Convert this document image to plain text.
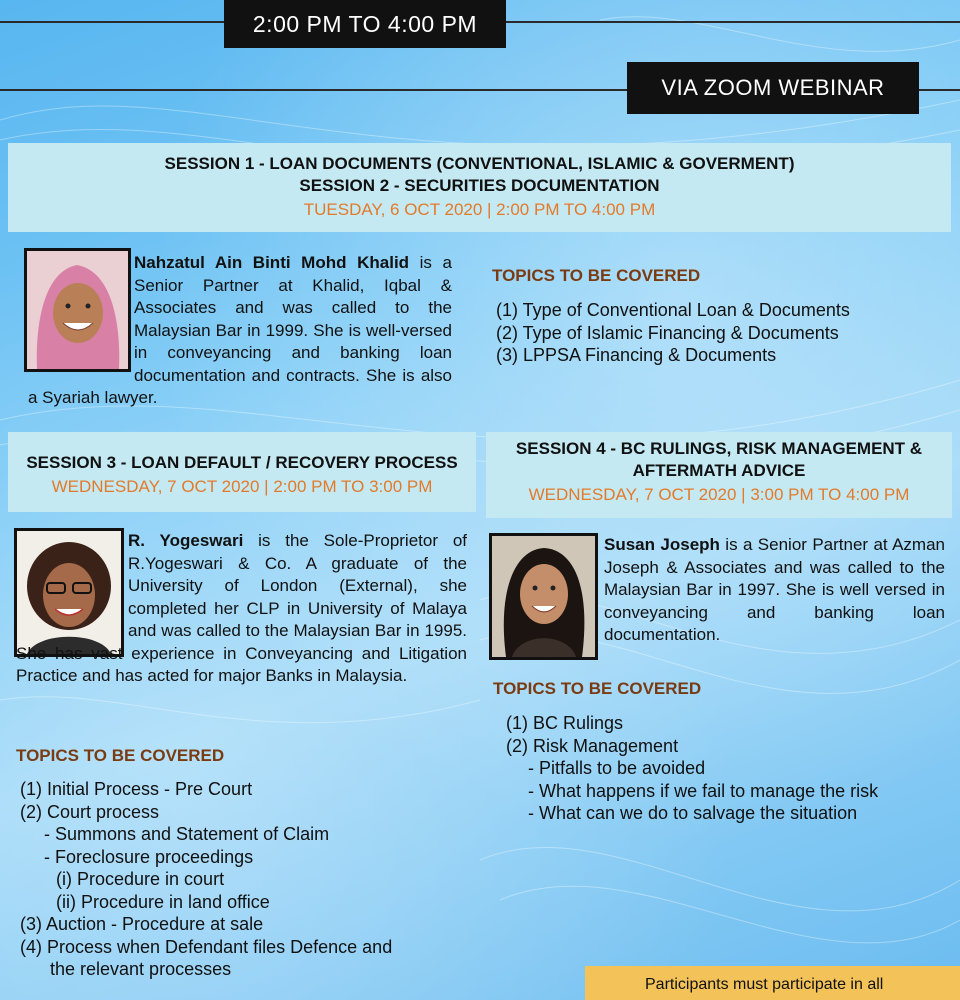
2:00 PM TO 4:00 PM
VIA ZOOM WEBINAR
SESSION 1 - LOAN DOCUMENTS (CONVENTIONAL, ISLAMIC & GOVERMENT)
SESSION 2 - SECURITIES DOCUMENTATION
TUESDAY, 6 OCT 2020 | 2:00 PM TO 4:00 PM
Nahzatul Ain Binti Mohd Khalid is a Senior Partner at Khalid, Iqbal & Associates and was called to the Malaysian Bar in 1999. She is well-versed in conveyancing and banking loan documentation and contracts. She is also a Syariah lawyer.
TOPICS TO BE COVERED
(1) Type of Conventional Loan & Documents
(2) Type of Islamic Financing & Documents
(3) LPPSA Financing & Documents
SESSION 3 - LOAN DEFAULT / RECOVERY PROCESS
WEDNESDAY, 7 OCT 2020 | 2:00 PM TO 3:00 PM
R. Yogeswari is the Sole-Proprietor of R.Yogeswari & Co. A graduate of the University of London (External), she completed her CLP in University of Malaya and was called to the Malaysian Bar in 1995. She has vast experience in Conveyancing and Litigation Practice and has acted for major Banks in Malaysia.
TOPICS TO BE COVERED
(1) Initial Process - Pre Court
(2) Court process
- Summons and Statement of Claim
- Foreclosure proceedings
(i) Procedure in court
(ii) Procedure in land office
(3) Auction - Procedure at sale
(4) Process when Defendant files Defence and
the relevant processes
SESSION 4 - BC RULINGS, RISK MANAGEMENT &
AFTERMATH ADVICE
WEDNESDAY, 7 OCT 2020 | 3:00 PM TO 4:00 PM
Susan Joseph is a Senior Partner at Azman Joseph & Associates and was called to the Malaysian Bar in 1997. She is well versed in conveyancing and banking loan documentation.
TOPICS TO BE COVERED
(1) BC Rulings
(2) Risk Management
- Pitfalls to be avoided
- What happens if we fail to manage the risk
- What can we do to salvage the situation
Participants must participate in all
